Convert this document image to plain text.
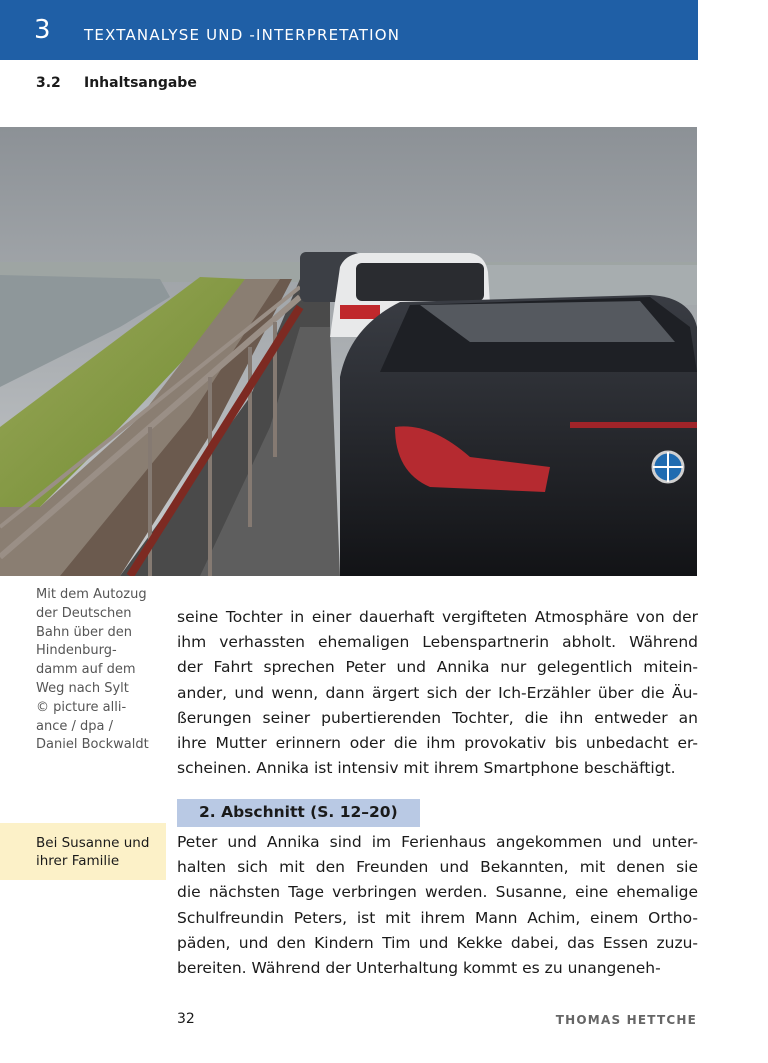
3 TEXTANALYSE UND -INTERPRETATION
3.2 Inhaltsangabe
Mit dem Autozug
der Deutschen
Bahn über den
Hindenburg-
damm auf dem
Weg nach Sylt
© picture alli-
ance / dpa /
Daniel Bockwaldt
seine Tochter in einer dauerhaft vergifteten Atmosphäre von der
ihm verhassten ehemaligen Lebenspartnerin abholt. Während
der Fahrt sprechen Peter und Annika nur gelegentlich mitein-
ander, und wenn, dann ärgert sich der Ich-Erzähler über die Äu-
ßerungen seiner pubertierenden Tochter, die ihn entweder an
ihre Mutter erinnern oder die ihm provokativ bis unbedacht er-
scheinen. Annika ist intensiv mit ihrem Smartphone beschäftigt.
2. Abschnitt (S. 12–20)
Bei Susanne und
ihrer Familie
Peter und Annika sind im Ferienhaus angekommen und unter-
halten sich mit den Freunden und Bekannten, mit denen sie
die nächsten Tage verbringen werden. Susanne, eine ehemalige
Schulfreundin Peters, ist mit ihrem Mann Achim, einem Ortho-
päden, und den Kindern Tim und Kekke dabei, das Essen zuzu-
bereiten. Während der Unterhaltung kommt es zu unangeneh-
32	THOMAS HETTCHE
